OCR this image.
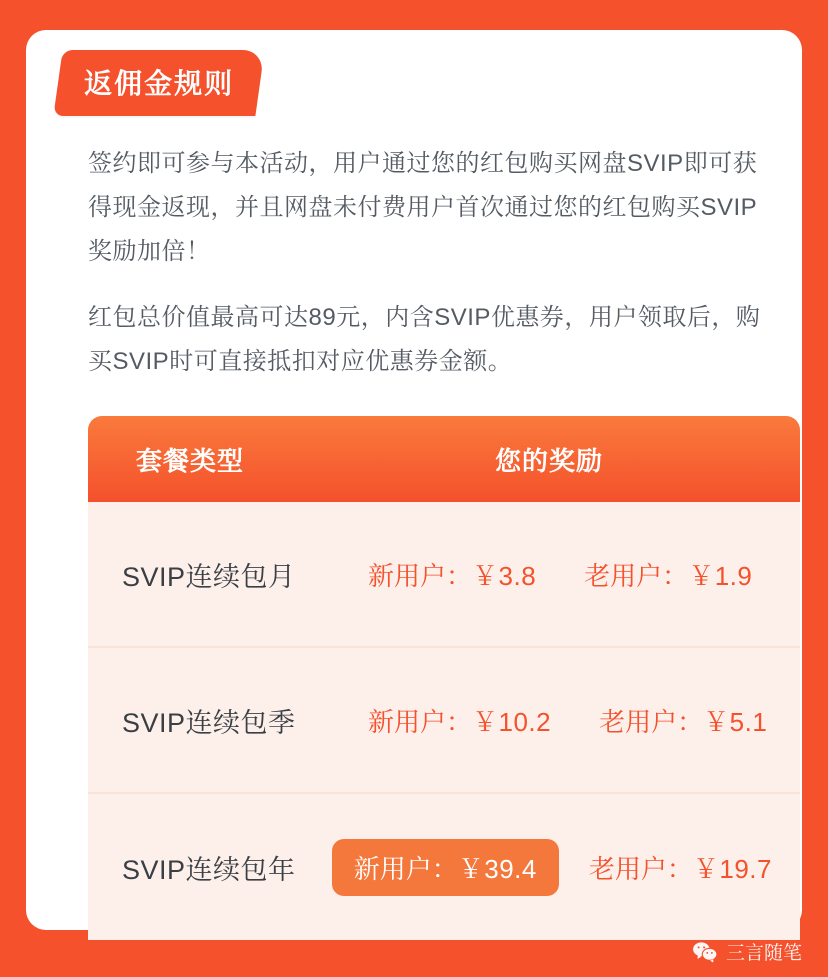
返佣金规则

签约即可参与本活动，用户通过您的红包购买网盘SVIP即可获得现金返现，并且网盘未付费用户首次通过您的红包购买SVIP奖励加倍！

红包总价值最高可达89元，内含SVIP优惠券，用户领取后，购买SVIP时可直接抵扣对应优惠券金额。

套餐类型	您的奖励
SVIP连续包月	新用户：￥3.8	老用户：￥1.9
SVIP连续包季	新用户：￥10.2	老用户：￥5.1
SVIP连续包年	新用户：￥39.4	老用户：￥19.7
三言随笔
